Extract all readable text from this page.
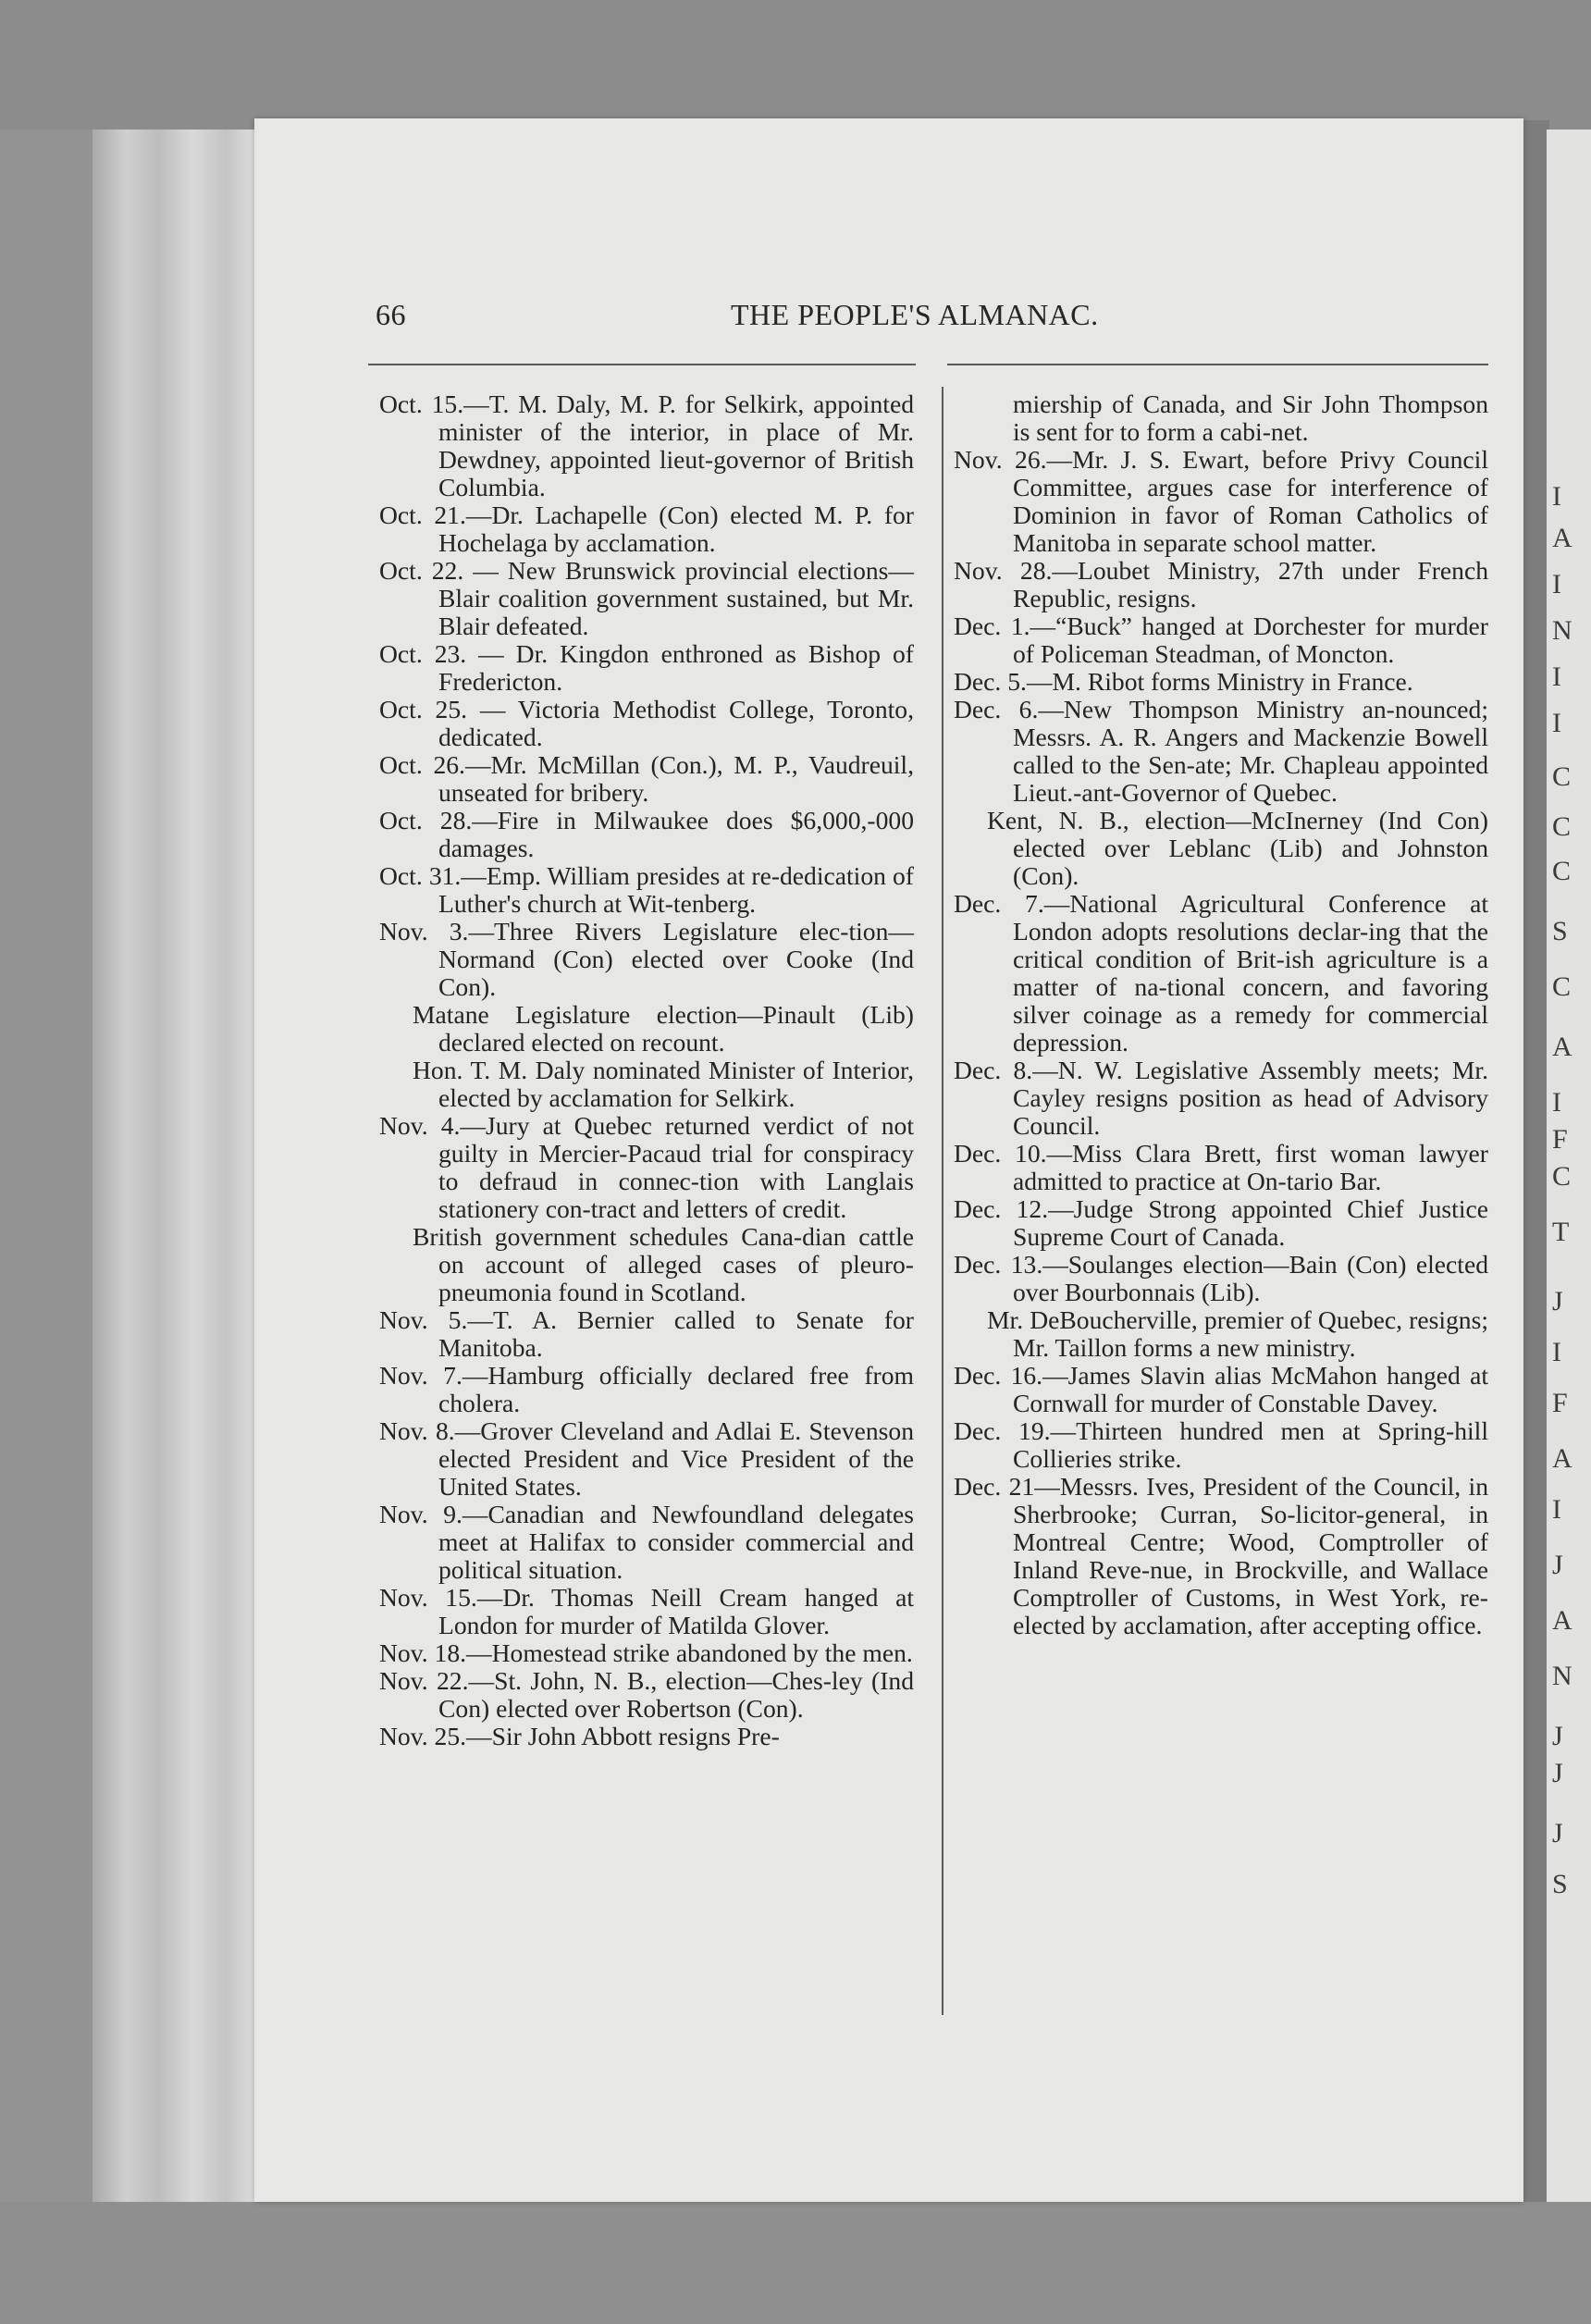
I
A
I
N
I
I
C
C
C
S
C
A
I
F
C
T
J
I
F
A
I
J
A
N
J
J
J
S
66	THE PEOPLE'S ALMANAC.

Oct. 15.—T. M. Daly, M. P. for Selkirk, appointed minister of the interior, in place of Mr. Dewdney, appointed lieut-governor of British Columbia.

Oct. 21.—Dr. Lachapelle (Con) elected M. P. for Hochelaga by acclamation.

Oct. 22. — New Brunswick provincial elections—Blair coalition government sustained, but Mr. Blair defeated.

Oct. 23. — Dr. Kingdon enthroned as Bishop of Fredericton.

Oct. 25. — Victoria Methodist College, Toronto, dedicated.

Oct. 26.—Mr. McMillan (Con.), M. P., Vaudreuil, unseated for bribery.

Oct. 28.—Fire in Milwaukee does $6,000,-000 damages.

Oct. 31.—Emp. William presides at re-dedication of Luther's church at Wit-tenberg.

Nov. 3.—Three Rivers Legislature elec-tion—Normand (Con) elected over Cooke (Ind Con).

Matane Legislature election—Pinault (Lib) declared elected on recount.

Hon. T. M. Daly nominated Minister of Interior, elected by acclamation for Selkirk.

Nov. 4.—Jury at Quebec returned verdict of not guilty in Mercier-Pacaud trial for conspiracy to defraud in connec-tion with Langlais stationery con-tract and letters of credit.

British government schedules Cana-dian cattle on account of alleged cases of pleuro-pneumonia found in Scotland.

Nov. 5.—T. A. Bernier called to Senate for Manitoba.

Nov. 7.—Hamburg officially declared free from cholera.

Nov. 8.—Grover Cleveland and Adlai E. Stevenson elected President and Vice President of the United States.

Nov. 9.—Canadian and Newfoundland delegates meet at Halifax to consider commercial and political situation.

Nov. 15.—Dr. Thomas Neill Cream hanged at London for murder of Matilda Glover.

Nov. 18.—Homestead strike abandoned by the men.

Nov. 22.—St. John, N. B., election—Ches-ley (Ind Con) elected over Robertson (Con).

Nov. 25.—Sir John Abbott resigns Pre-

miership of Canada, and Sir John Thompson is sent for to form a cabi-net.

Nov. 26.—Mr. J. S. Ewart, before Privy Council Committee, argues case for interference of Dominion in favor of Roman Catholics of Manitoba in separate school matter.

Nov. 28.—Loubet Ministry, 27th under French Republic, resigns.

Dec. 1.—“Buck” hanged at Dorchester for murder of Policeman Steadman, of Moncton.

Dec. 5.—M. Ribot forms Ministry in France.

Dec. 6.—New Thompson Ministry an-nounced; Messrs. A. R. Angers and Mackenzie Bowell called to the Sen-ate; Mr. Chapleau appointed Lieut.-ant-Governor of Quebec.

Kent, N. B., election—McInerney (Ind Con) elected over Leblanc (Lib) and Johnston (Con).

Dec. 7.—National Agricultural Conference at London adopts resolutions declar-ing that the critical condition of Brit-ish agriculture is a matter of na-tional concern, and favoring silver coinage as a remedy for commercial depression.

Dec. 8.—N. W. Legislative Assembly meets; Mr. Cayley resigns position as head of Advisory Council.

Dec. 10.—Miss Clara Brett, first woman lawyer admitted to practice at On-tario Bar.

Dec. 12.—Judge Strong appointed Chief Justice Supreme Court of Canada.

Dec. 13.—Soulanges election—Bain (Con) elected over Bourbonnais (Lib).

Mr. DeBoucherville, premier of Quebec, resigns; Mr. Taillon forms a new ministry.

Dec. 16.—James Slavin alias McMahon hanged at Cornwall for murder of Constable Davey.

Dec. 19.—Thirteen hundred men at Spring-hill Collieries strike.

Dec. 21—Messrs. Ives, President of the Council, in Sherbrooke; Curran, So-licitor-general, in Montreal Centre; Wood, Comptroller of Inland Reve-nue, in Brockville, and Wallace Comptroller of Customs, in West York, re-elected by acclamation, after accepting office.
